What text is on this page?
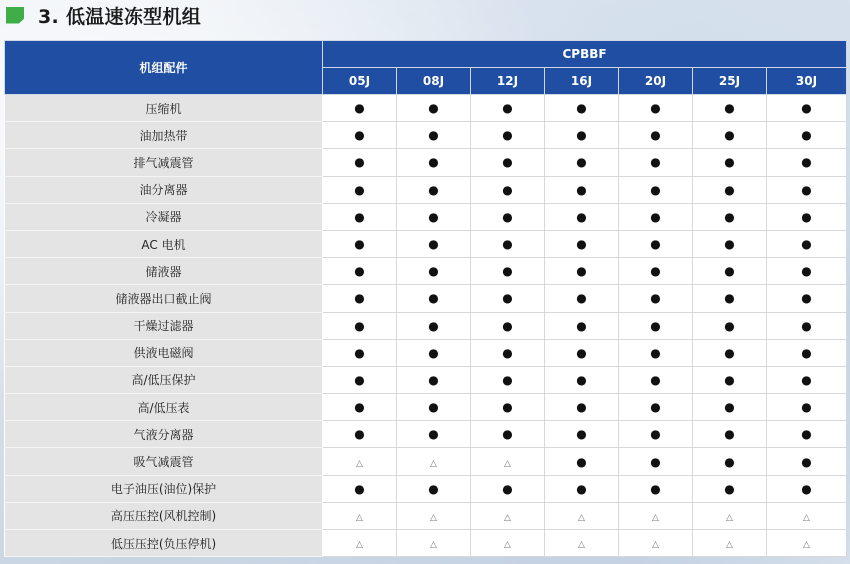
3. 低温速冻型机组
机组配件	CPBBF						
	05J	08J	12J	16J	20J	25J	30J
压缩机	●	●	●	●	●	●	●
油加热带	●	●	●	●	●	●	●
排气减震管	●	●	●	●	●	●	●
油分离器	●	●	●	●	●	●	●
冷凝器	●	●	●	●	●	●	●
AC 电机	●	●	●	●	●	●	●
储液器	●	●	●	●	●	●	●
储液器出口截止阀	●	●	●	●	●	●	●
干燥过滤器	●	●	●	●	●	●	●
供液电磁阀	●	●	●	●	●	●	●
高/低压保护	●	●	●	●	●	●	●
高/低压表	●	●	●	●	●	●	●
气液分离器	●	●	●	●	●	●	●
吸气减震管	△	△	△	●	●	●	●
电子油压(油位)保护	●	●	●	●	●	●	●
高压压控(风机控制)	△	△	△	△	△	△	△
低压压控(负压停机)	△	△	△	△	△	△	△
